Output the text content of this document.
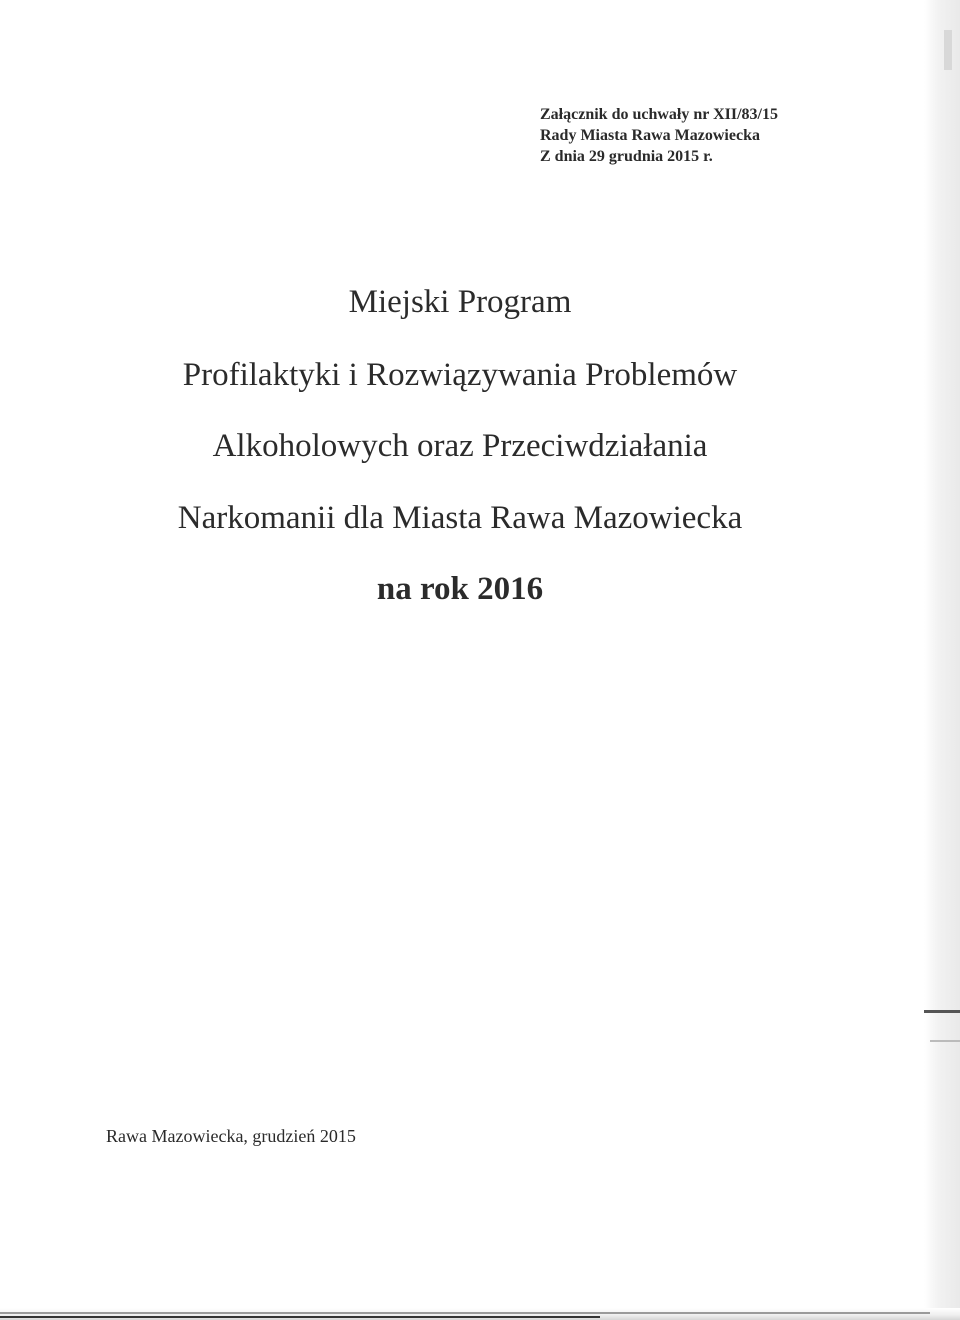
Załącznik do uchwały nr XII/83/15
Rady Miasta Rawa Mazowiecka
Z dnia 29 grudnia 2015 r.
Miejski Program
Profilaktyki i Rozwiązywania Problemów
Alkoholowych oraz Przeciwdziałania
Narkomanii dla Miasta Rawa Mazowiecka
na rok 2016
Rawa Mazowiecka, grudzień 2015
